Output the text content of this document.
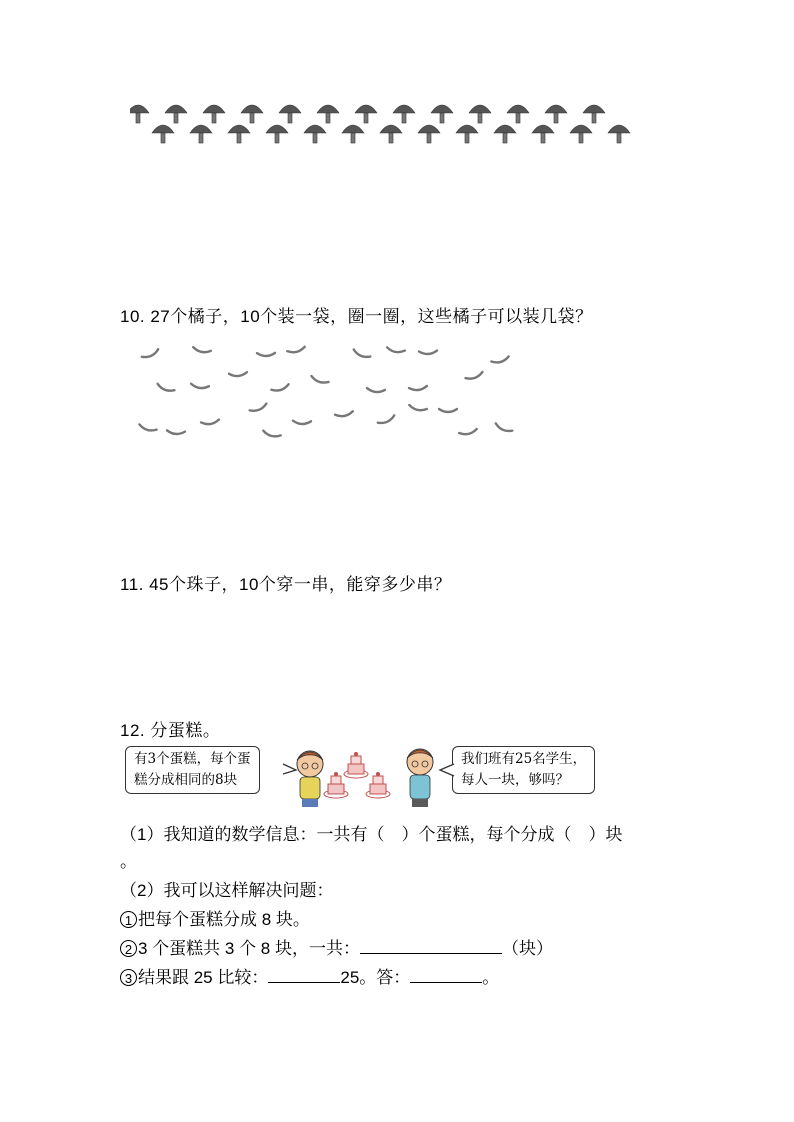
10. 27个橘子，10个装一袋，圈一圈，这些橘子可以装几袋？
11. 45个珠子，10个穿一串，能穿多少串？
12. 分蛋糕。
有3个蛋糕，每个蛋
糕分成相同的8块
我们班有25名学生，
每人一块，够吗？
（1）我知道的数学信息：一共有（　）个蛋糕，每个分成（　）块
。
（2）我可以这样解决问题：
1 把每个蛋糕分成 8 块。
2 3 个蛋糕共 3 个 8 块，一共：	（块）
3 结果跟 25 比较：	25。答：	。
